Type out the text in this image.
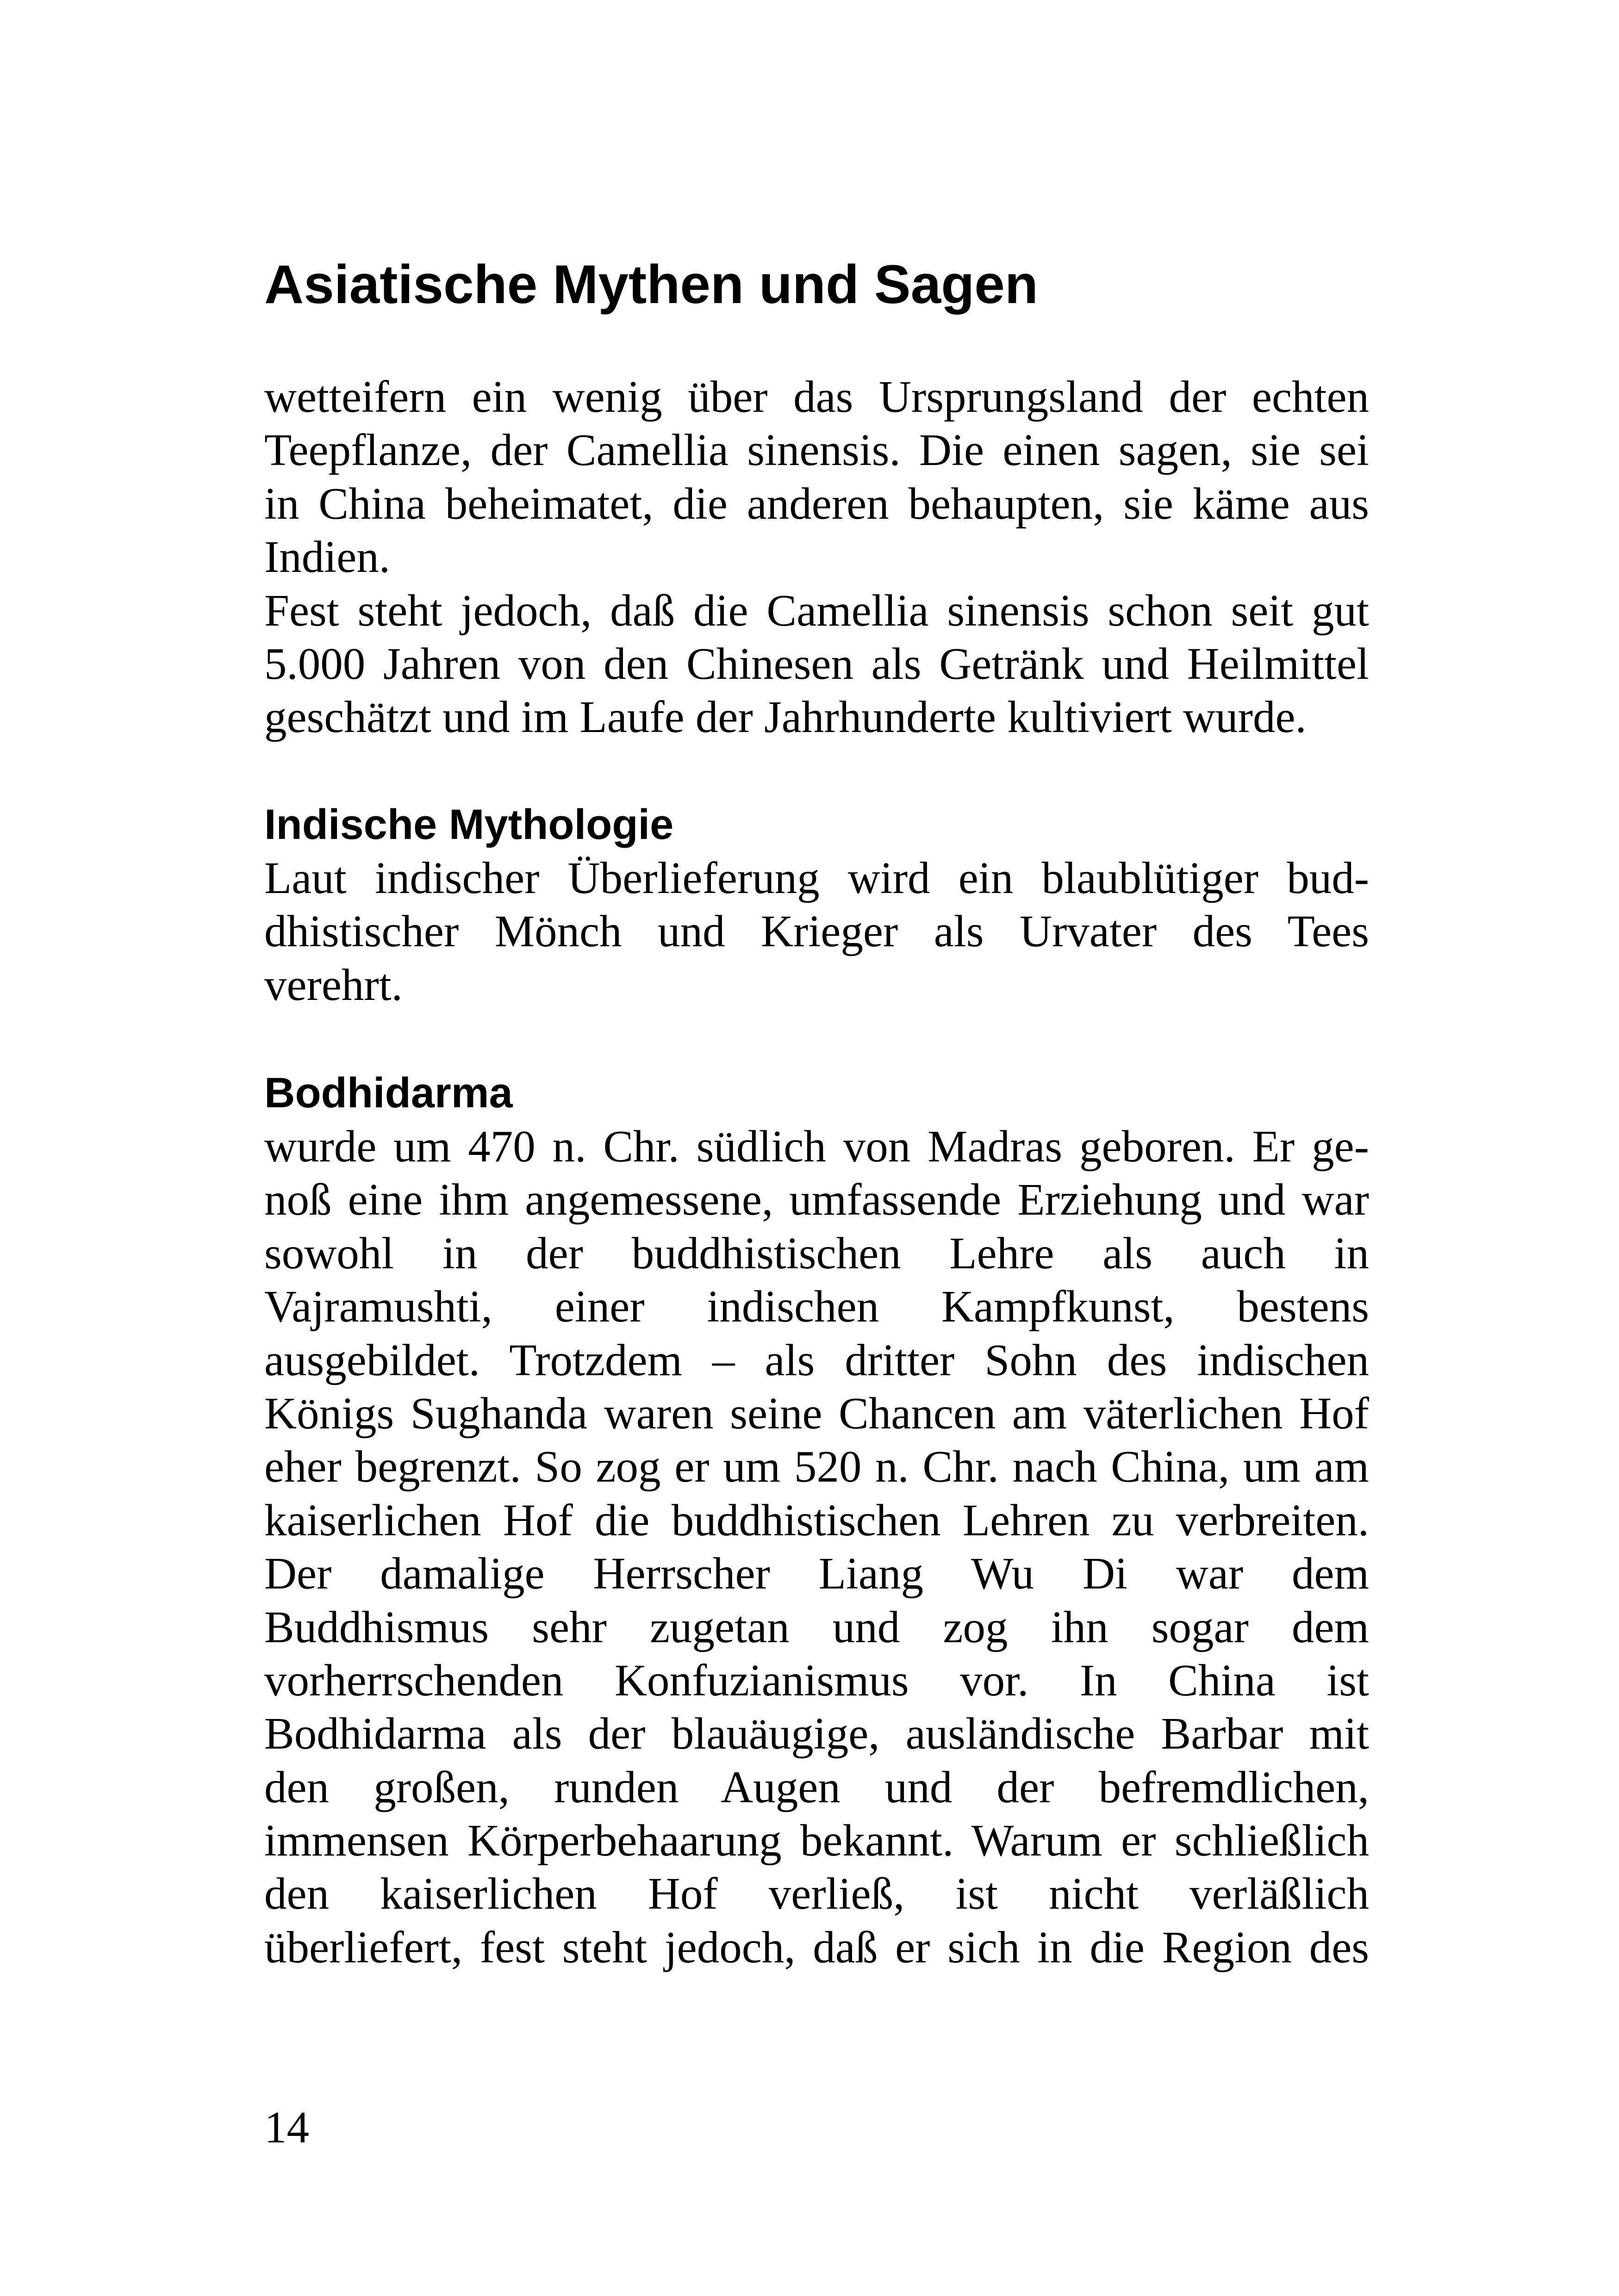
Asiatische Mythen und Sagen
wetteifern ein wenig über das Ursprungsland der echten
Teepflanze, der Camellia sinensis. Die einen sagen, sie sei
in China beheimatet, die anderen behaupten, sie käme aus
Indien.
Fest steht jedoch, daß die Camellia sinensis schon seit gut
5.000 Jahren von den Chinesen als Getränk und Heilmittel
geschätzt und im Laufe der Jahrhunderte kultiviert wurde.
Indische Mythologie
Laut indischer Überlieferung wird ein blaublütiger bud-
dhistischer Mönch und Krieger als Urvater des Tees
verehrt.
Bodhidarma
wurde um 470 n. Chr. südlich von Madras geboren. Er ge-
noß eine ihm angemessene, umfassende Erziehung und war
sowohl in der buddhistischen Lehre als auch in
Vajramushti, einer indischen Kampfkunst, bestens
ausgebildet. Trotzdem – als dritter Sohn des indischen
Königs Sughanda waren seine Chancen am väterlichen Hof
eher begrenzt. So zog er um 520 n. Chr. nach China, um am
kaiserlichen Hof die buddhistischen Lehren zu verbreiten.
Der damalige Herrscher Liang Wu Di war dem
Buddhismus sehr zugetan und zog ihn sogar dem
vorherrschenden Konfuzianismus vor. In China ist
Bodhidarma als der blauäugige, ausländische Barbar mit
den großen, runden Augen und der befremdlichen,
immensen Körperbehaarung bekannt. Warum er schließlich
den kaiserlichen Hof verließ, ist nicht verläßlich
überliefert, fest steht jedoch, daß er sich in die Region des

14
